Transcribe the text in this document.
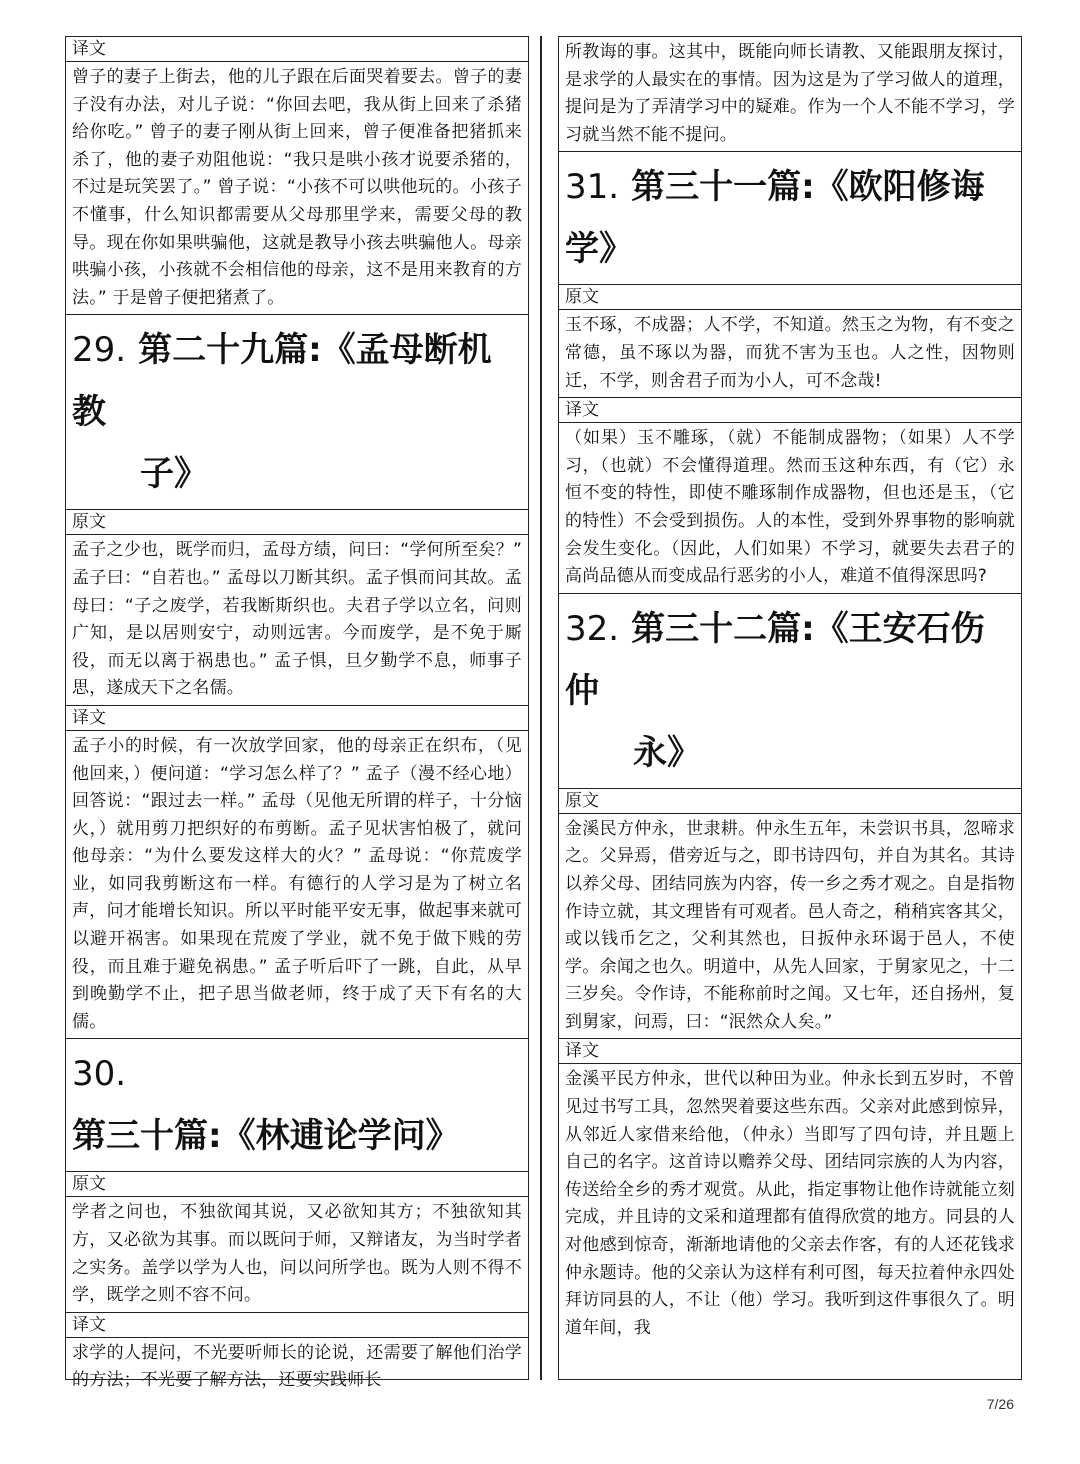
译文
曾子的妻子上街去，他的儿子跟在后面哭着要去。曾子的妻子没有办法，对儿子说：“你回去吧，我从街上回来了杀猪给你吃。” 曾子的妻子刚从街上回来，曾子便准备把猪抓来杀了，他的妻子劝阻他说：“我只是哄小孩才说要杀猪的，不过是玩笑罢了。” 曾子说：“小孩不可以哄他玩的。小孩子不懂事，什么知识都需要从父母那里学来，需要父母的教导。现在你如果哄骗他，这就是教导小孩去哄骗他人。母亲哄骗小孩，小孩就不会相信他的母亲，这不是用来教育的方法。” 于是曾子便把猪煮了。
29. 第二十九篇:《孟母断机教
子》
原文
孟子之少也，既学而归，孟母方绩，问曰：“学何所至矣？” 孟子曰：“自若也。” 孟母以刀断其织。孟子惧而问其故。孟母曰：“子之废学，若我断斯织也。夫君子学以立名，问则广知，是以居则安宁，动则远害。今而废学，是不免于厮役，而无以离于祸患也。” 孟子惧，旦夕勤学不息，师事子思，遂成天下之名儒。
译文
孟子小的时候，有一次放学回家，他的母亲正在织布，（见他回来，）便问道：“学习怎么样了？” 孟子（漫不经心地）回答说：“跟过去一样。” 孟母（见他无所谓的样子，十分恼火，）就用剪刀把织好的布剪断。孟子见状害怕极了，就问他母亲：“为什么要发这样大的火？” 孟母说：“你荒废学业，如同我剪断这布一样。有德行的人学习是为了树立名声，问才能增长知识。所以平时能平安无事，做起事来就可以避开祸害。如果现在荒废了学业，就不免于做下贱的劳役，而且难于避免祸患。” 孟子听后吓了一跳，自此，从早到晚勤学不止，把子思当做老师，终于成了天下有名的大儒。
30.第三十篇:《林逋论学问》
原文
学者之问也，不独欲闻其说，又必欲知其方；不独欲知其方，又必欲为其事。而以既问于师，又辩诸友，为当时学者之实务。盖学以学为人也，问以问所学也。既为人则不得不学，既学之则不容不问。
译文
求学的人提问，不光要听师长的论说，还需要了解他们治学的方法；不光要了解方法，还要实践师长
所教诲的事。这其中，既能向师长请教、又能跟朋友探讨，是求学的人最实在的事情。因为这是为了学习做人的道理，提问是为了弄清学习中的疑难。作为一个人不能不学习，学习就当然不能不提问。
31. 第三十一篇:《欧阳修诲学》
原文
玉不琢，不成器；人不学，不知道。然玉之为物，有不变之常德，虽不琢以为器，而犹不害为玉也。人之性，因物则迁，不学，则舍君子而为小人，可不念哉!
译文
（如果）玉不雕琢，（就）不能制成器物；（如果）人不学习，（也就）不会懂得道理。然而玉这种东西，有（它）永恒不变的特性，即使不雕琢制作成器物，但也还是玉，（它的特性）不会受到损伤。人的本性，受到外界事物的影响就会发生变化。（因此，人们如果）不学习，就要失去君子的高尚品德从而变成品行恶劣的小人，难道不值得深思吗?
32. 第三十二篇:《王安石伤仲
永》
原文
金溪民方仲永，世隶耕。仲永生五年，未尝识书具，忽啼求之。父异焉，借旁近与之，即书诗四句，并自为其名。其诗以养父母、团结同族为内容，传一乡之秀才观之。自是指物作诗立就，其文理皆有可观者。邑人奇之，稍稍宾客其父，或以钱币乞之，父利其然也，日扳仲永环谒于邑人，不使学。余闻之也久。明道中，从先人回家，于舅家见之，十二三岁矣。令作诗，不能称前时之闻。又七年，还自扬州，复到舅家，问焉，曰：“泯然众人矣。”
译文
金溪平民方仲永，世代以种田为业。仲永长到五岁时，不曾见过书写工具，忽然哭着要这些东西。父亲对此感到惊异，从邻近人家借来给他，（仲永）当即写了四句诗，并且题上自己的名字。这首诗以赡养父母、团结同宗族的人为内容，传送给全乡的秀才观赏。从此，指定事物让他作诗就能立刻完成，并且诗的文采和道理都有值得欣赏的地方。同县的人对他感到惊奇，渐渐地请他的父亲去作客，有的人还花钱求仲永题诗。他的父亲认为这样有利可图，每天拉着仲永四处拜访同县的人，不让（他）学习。我听到这件事很久了。明道年间，我
7/26
